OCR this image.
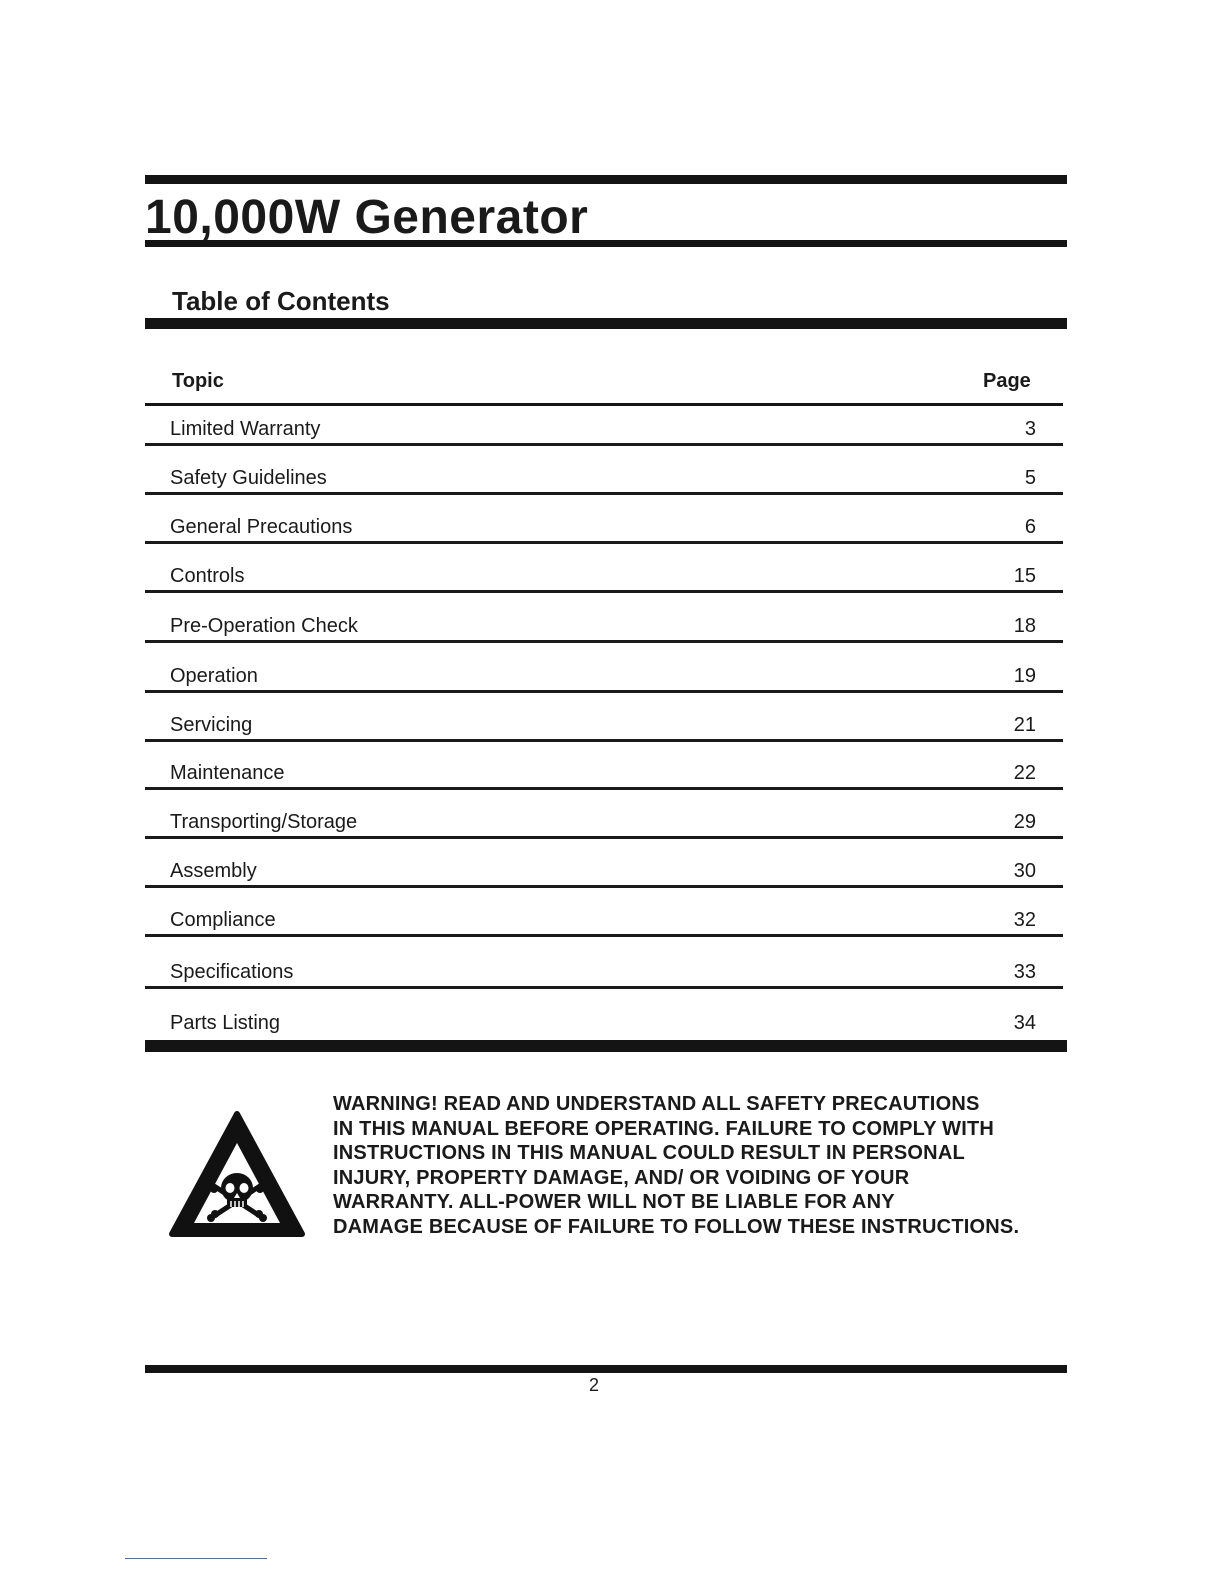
10,000W Generator
Table of Contents
Topic	Page
Limited Warranty	3
Safety Guidelines	5
General Precautions	6
Controls	15
Pre-Operation Check	18
Operation	19
Servicing	21
Maintenance	22
Transporting/Storage	29
Assembly	30
Compliance	32
Specifications	33
Parts Listing	34
WARNING! READ AND UNDERSTAND ALL SAFETY PRECAUTIONS
IN THIS MANUAL BEFORE OPERATING. FAILURE TO COMPLY WITH
INSTRUCTIONS IN THIS MANUAL COULD RESULT IN PERSONAL
INJURY, PROPERTY DAMAGE, AND/ OR VOIDING OF YOUR
WARRANTY. ALL-POWER WILL NOT BE LIABLE FOR ANY
DAMAGE BECAUSE OF FAILURE TO FOLLOW THESE INSTRUCTIONS.
2
